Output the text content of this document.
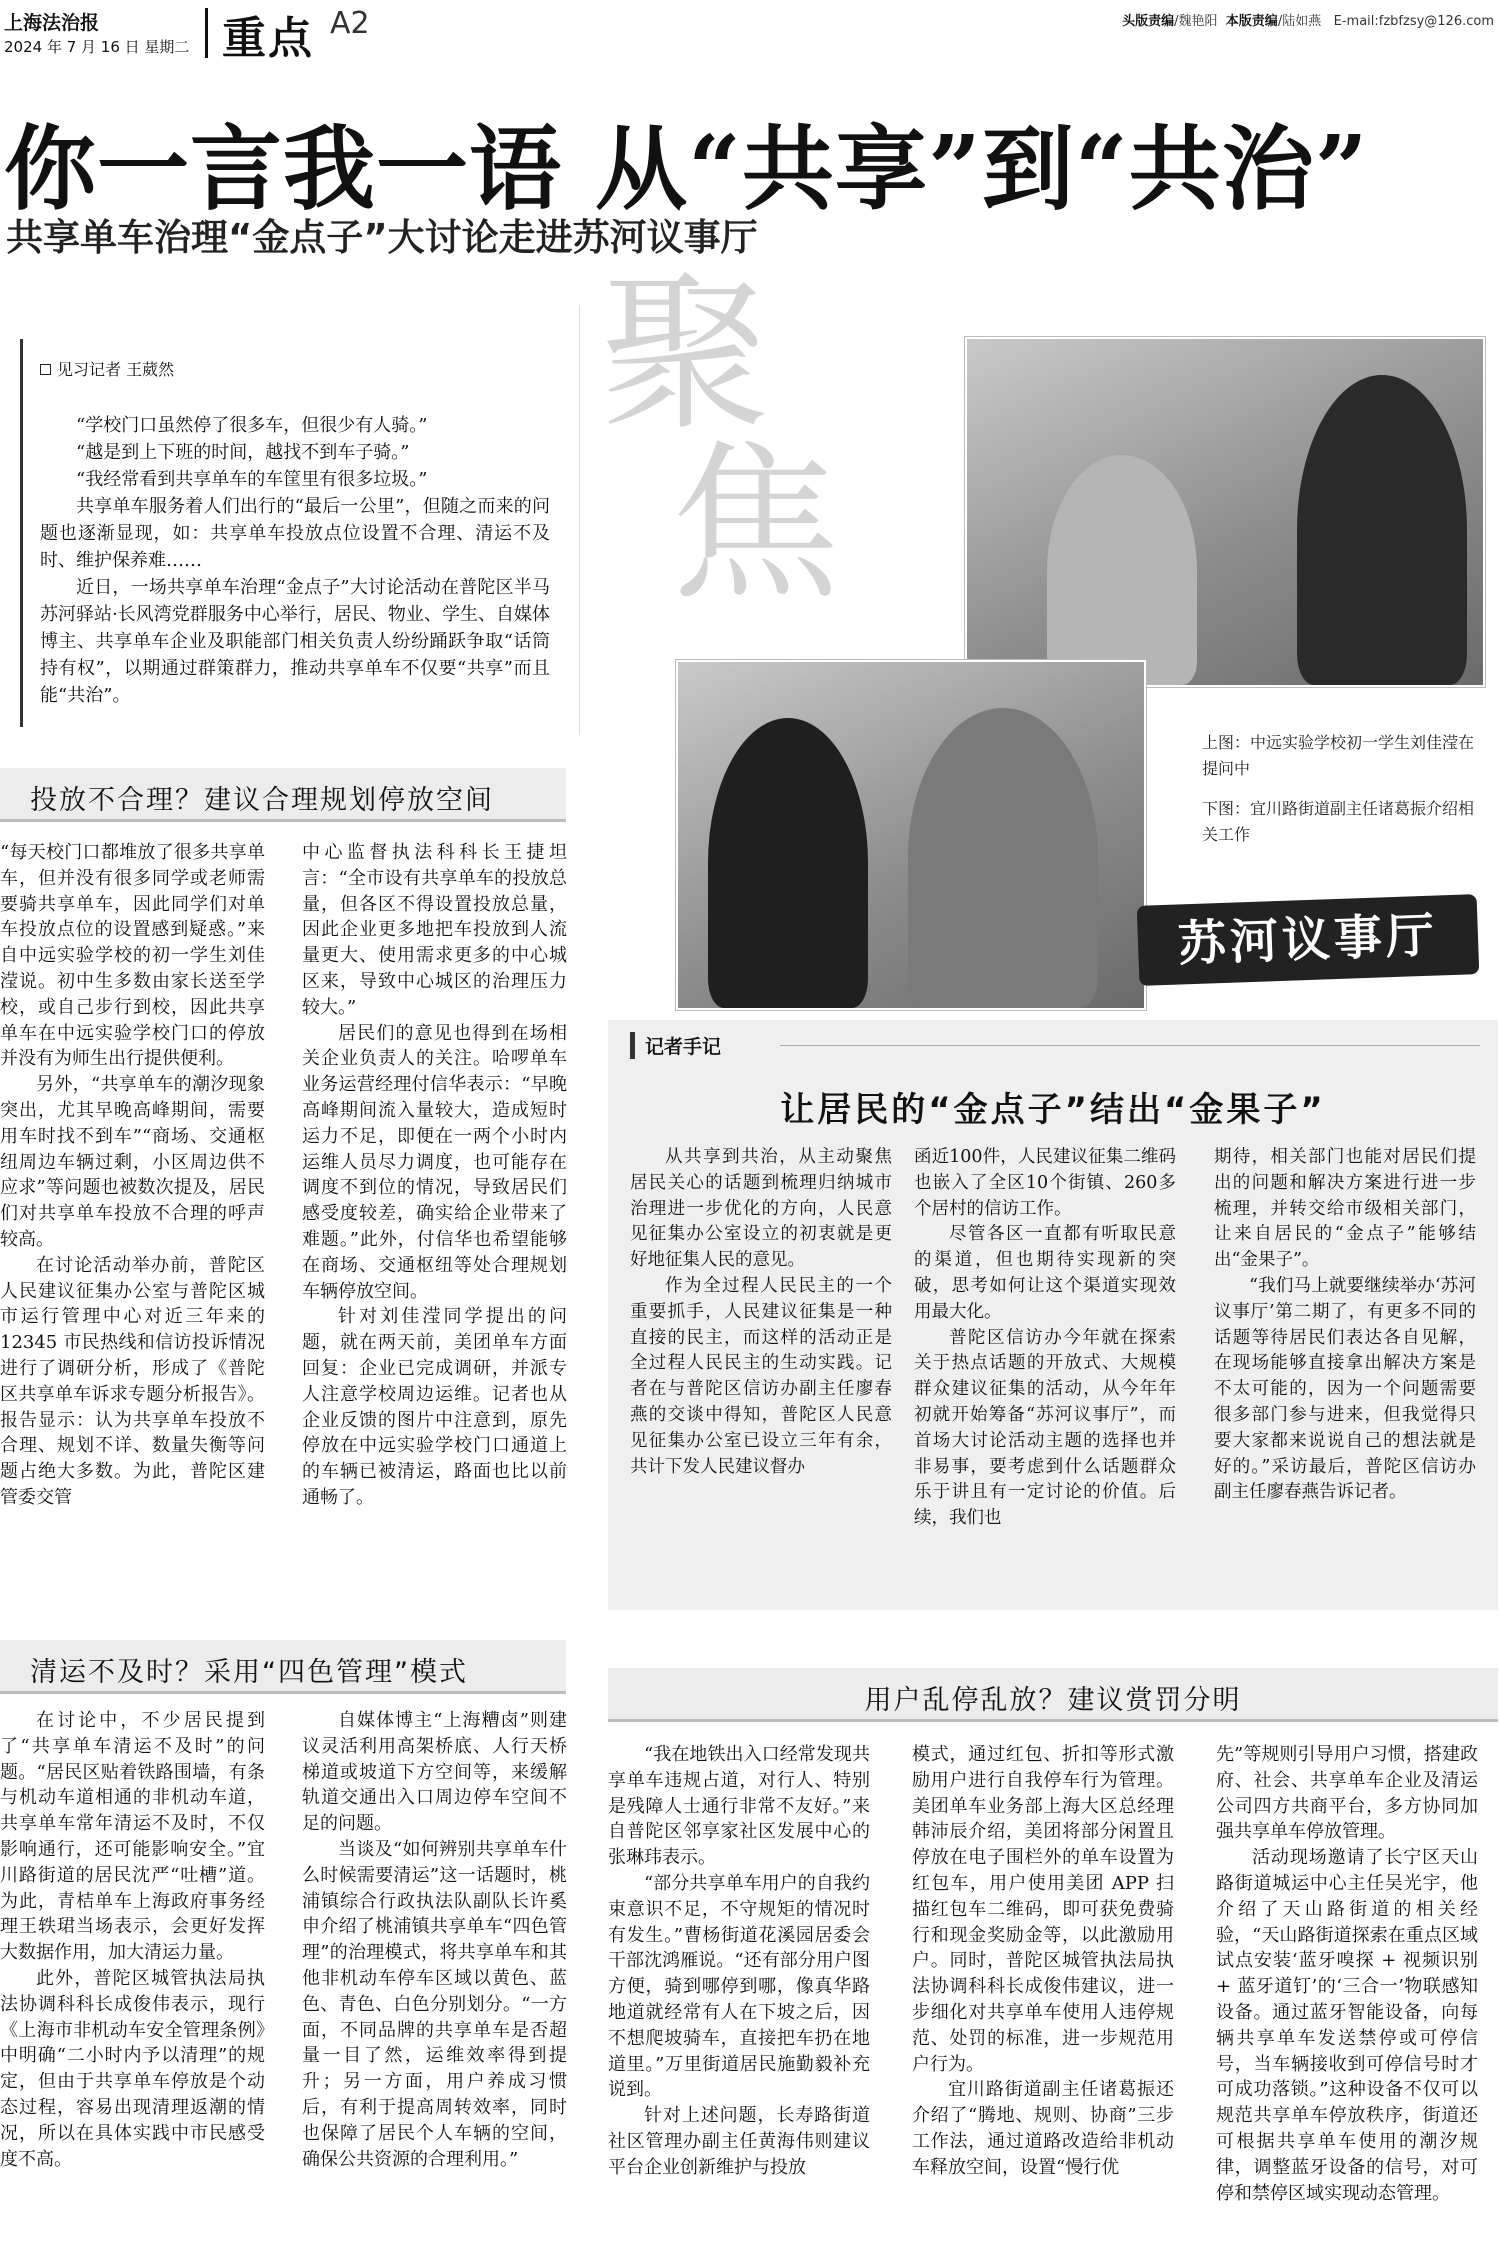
上海法治报
2024 年 7 月 16 日 星期二 重点 A2	头版责编/魏艳阳 本版责编/陆如燕 E-mail:fzbfzsy@126.com
你一言我一语 从“共享”到“共治”
共享单车治理“金点子”大讨论走进苏河议事厅
见习记者 王葳然

“学校门口虽然停了很多车，但很少有人骑。”

“越是到上下班的时间，越找不到车子骑。”

“我经常看到共享单车的车筐里有很多垃圾。”

共享单车服务着人们出行的“最后一公里”，但随之而来的问题也逐渐显现，如：共享单车投放点位设置不合理、清运不及时、维护保养难……

近日，一场共享单车治理“金点子”大讨论活动在普陀区半马苏河驿站·长风湾党群服务中心举行，居民、物业、学生、自媒体博主、共享单车企业及职能部门相关负责人纷纷踊跃争取“话筒持有权”，以期通过群策群力，推动共享单车不仅要“共享”而且能“共治”。

聚
焦

上图：中远实验学校初一学生刘佳滢在提问中

下图：宜川路街道副主任诸葛振介绍相关工作

苏河议事厅
投放不合理？建议合理规划停放空间

“每天校门口都堆放了很多共享单车，但并没有很多同学或老师需要骑共享单车，因此同学们对单车投放点位的设置感到疑惑。”来自中远实验学校的初一学生刘佳滢说。初中生多数由家长送至学校，或自己步行到校，因此共享单车在中远实验学校门口的停放并没有为师生出行提供便利。

另外，“共享单车的潮汐现象突出，尤其早晚高峰期间，需要用车时找不到车”“商场、交通枢纽周边车辆过剩，小区周边供不应求”等问题也被数次提及，居民们对共享单车投放不合理的呼声较高。

在讨论活动举办前，普陀区人民建议征集办公室与普陀区城市运行管理中心对近三年来的 12345 市民热线和信访投诉情况进行了调研分析，形成了《普陀区共享单车诉求专题分析报告》。报告显示：认为共享单车投放不合理、规划不详、数量失衡等问题占绝大多数。为此，普陀区建管委交管

中心监督执法科科长王捷坦言：“全市设有共享单车的投放总量，但各区不得设置投放总量，因此企业更多地把车投放到人流量更大、使用需求更多的中心城区来，导致中心城区的治理压力较大。”

居民们的意见也得到在场相关企业负责人的关注。哈啰单车业务运营经理付信华表示：“早晚高峰期间流入量较大，造成短时运力不足，即便在一两个小时内运维人员尽力调度，也可能存在调度不到位的情况，导致居民们感受度较差，确实给企业带来了难题。”此外，付信华也希望能够在商场、交通枢纽等处合理规划车辆停放空间。

针对刘佳滢同学提出的问题，就在两天前，美团单车方面回复：企业已完成调研，并派专人注意学校周边运维。记者也从企业反馈的图片中注意到，原先停放在中远实验学校门口通道上的车辆已被清运，路面也比以前通畅了。

从共享到共治，从主动聚焦居民关心的话题到梳理归纳城市治理进一步优化的方向，人民意见征集办公室设立的初衷就是更好地征集人民的意见。

作为全过程人民民主的一个重要抓手，人民建议征集是一种直接的民主，而这样的活动正是全过程人民民主的生动实践。记者在与普陀区信访办副主任廖春燕的交谈中得知，普陀区人民意见征集办公室已设立三年有余，共计下发人民建议督办

函近100件，人民建议征集二维码也嵌入了全区10个街镇、260多个居村的信访工作。

尽管各区一直都有听取民意的渠道，但也期待实现新的突破，思考如何让这个渠道实现效用最大化。

普陀区信访办今年就在探索关于热点话题的开放式、大规模群众建议征集的活动，从今年年初就开始筹备“苏河议事厅”，而首场大讨论活动主题的选择也并非易事，要考虑到什么话题群众乐于讲且有一定讨论的价值。后续，我们也

期待，相关部门也能对居民们提出的问题和解决方案进行进一步梳理，并转交给市级相关部门，让来自居民的“金点子”能够结出“金果子”。

“我们马上就要继续举办‘苏河议事厅’第二期了，有更多不同的话题等待居民们表达各自见解，在现场能够直接拿出解决方案是不太可能的，因为一个问题需要很多部门参与进来，但我觉得只要大家都来说说自己的想法就是好的。”采访最后，普陀区信访办副主任廖春燕告诉记者。

记者手记
让居民的“金点子”结出“金果子”
清运不及时？采用“四色管理”模式

在讨论中，不少居民提到了“共享单车清运不及时”的问题。“居民区贴着铁路围墙，有条与机动车道相通的非机动车道，共享单车常年清运不及时，不仅影响通行，还可能影响安全。”宜川路街道的居民沈严“吐槽”道。为此，青桔单车上海政府事务经理王轶珺当场表示，会更好发挥大数据作用，加大清运力量。

此外，普陀区城管执法局执法协调科科长成俊伟表示，现行《上海市非机动车安全管理条例》中明确“二小时内予以清理”的规定，但由于共享单车停放是个动态过程，容易出现清理返潮的情况，所以在具体实践中市民感受度不高。

自媒体博主“上海糟卤”则建议灵活利用高架桥底、人行天桥梯道或坡道下方空间等，来缓解轨道交通出入口周边停车空间不足的问题。

当谈及“如何辨别共享单车什么时候需要清运”这一话题时，桃浦镇综合行政执法队副队长许奚申介绍了桃浦镇共享单车“四色管理”的治理模式，将共享单车和其他非机动车停车区域以黄色、蓝色、青色、白色分别划分。“一方面，不同品牌的共享单车是否超量一目了然，运维效率得到提升；另一方面，用户养成习惯后，有利于提高周转效率，同时也保障了居民个人车辆的空间，确保公共资源的合理利用。”

用户乱停乱放？建议赏罚分明

“我在地铁出入口经常发现共享单车违规占道，对行人、特别是残障人士通行非常不友好。”来自普陀区邻享家社区发展中心的张琳玮表示。

“部分共享单车用户的自我约束意识不足，不守规矩的情况时有发生。”曹杨街道花溪园居委会干部沈鸿雁说。“还有部分用户图方便，骑到哪停到哪，像真华路地道就经常有人在下坡之后，因不想爬坡骑车，直接把车扔在地道里。”万里街道居民施勤毅补充说到。

针对上述问题，长寿路街道社区管理办副主任黄海伟则建议平台企业创新维护与投放

模式，通过红包、折扣等形式激励用户进行自我停车行为管理。美团单车业务部上海大区总经理韩沛辰介绍，美团将部分闲置且停放在电子围栏外的单车设置为红包车，用户使用美团 APP 扫描红包车二维码，即可获免费骑行和现金奖励金等，以此激励用户。同时，普陀区城管执法局执法协调科科长成俊伟建议，进一步细化对共享单车使用人违停规范、处罚的标准，进一步规范用户行为。

宜川路街道副主任诸葛振还介绍了“腾地、规则、协商”三步工作法，通过道路改造给非机动车释放空间，设置“慢行优

先”等规则引导用户习惯，搭建政府、社会、共享单车企业及清运公司四方共商平台，多方协同加强共享单车停放管理。

活动现场邀请了长宁区天山路街道城运中心主任吴光宇，他介绍了天山路街道的相关经验，“天山路街道探索在重点区域试点安装‘蓝牙嗅探 + 视频识别 + 蓝牙道钉’的‘三合一’物联感知设备。通过蓝牙智能设备，向每辆共享单车发送禁停或可停信号，当车辆接收到可停信号时才可成功落锁。”这种设备不仅可以规范共享单车停放秩序，街道还可根据共享单车使用的潮汐规律，调整蓝牙设备的信号，对可停和禁停区域实现动态管理。
